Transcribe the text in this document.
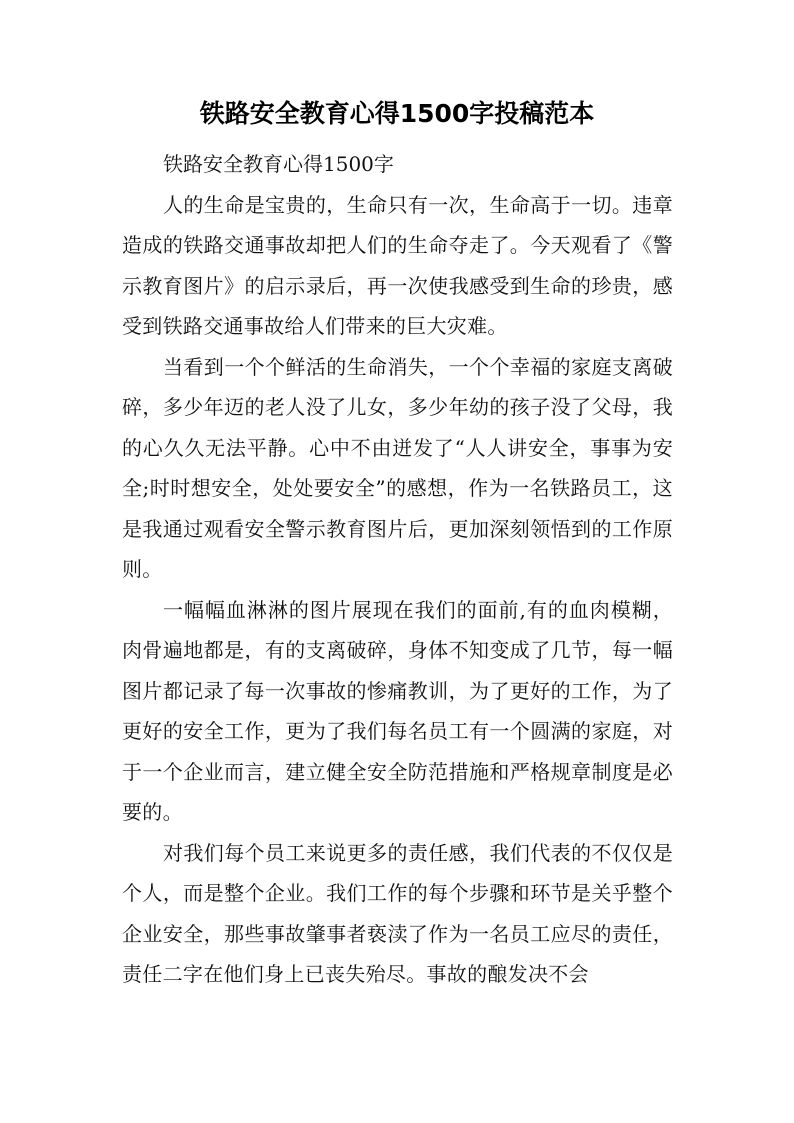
铁路安全教育心得1500字投稿范本

铁路安全教育心得1500字

人的生命是宝贵的，生命只有一次，生命高于一切。违章造成的铁路交通事故却把人们的生命夺走了。今天观看了《警示教育图片》的启示录后，再一次使我感受到生命的珍贵，感受到铁路交通事故给人们带来的巨大灾难。

当看到一个个鲜活的生命消失，一个个幸福的家庭支离破碎，多少年迈的老人没了儿女，多少年幼的孩子没了父母，我的心久久无法平静。心中不由迸发了“人人讲安全，事事为安全;时时想安全，处处要安全”的感想，作为一名铁路员工，这是我通过观看安全警示教育图片后，更加深刻领悟到的工作原则。

一幅幅血淋淋的图片展现在我们的面前,有的血肉模糊，肉骨遍地都是，有的支离破碎，身体不知变成了几节，每一幅图片都记录了每一次事故的惨痛教训，为了更好的工作，为了更好的安全工作，更为了我们每名员工有一个圆满的家庭，对于一个企业而言，建立健全安全防范措施和严格规章制度是必要的。

对我们每个员工来说更多的责任感，我们代表的不仅仅是个人，而是整个企业。我们工作的每个步骤和环节是关乎整个企业安全，那些事故肇事者亵渎了作为一名员工应尽的责任，责任二字在他们身上已丧失殆尽。事故的酿发决不会
